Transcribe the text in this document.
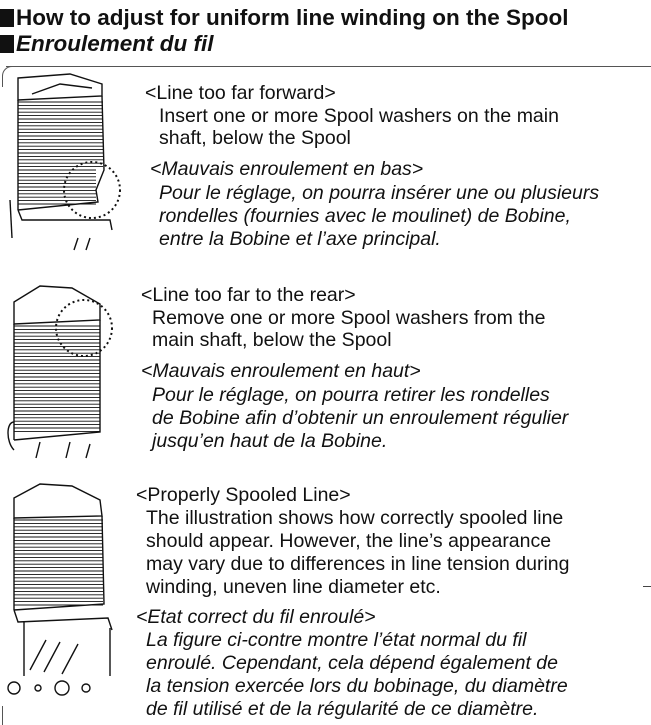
How to adjust for uniform line winding on the Spool
Enroulement du fil
<Line too far forward>
Insert one or more Spool washers on the main
shaft, below the Spool
<Mauvais enroulement en bas>
Pour le réglage, on pourra insérer une ou plusieurs
rondelles (fournies avec le moulinet) de Bobine,
entre la Bobine et l’axe principal.
<Line too far to the rear>
Remove one or more Spool washers from the
main shaft, below the Spool
<Mauvais enroulement en haut>
Pour le réglage, on pourra retirer les rondelles
de Bobine afin d’obtenir un enroulement régulier
jusqu’en haut de la Bobine.
<Properly Spooled Line>
The illustration shows how correctly spooled line
should appear. However, the line’s appearance
may vary due to differences in line tension during
winding, uneven line diameter etc.
<Etat correct du fil enroulé>
La figure ci-contre montre l’état normal du fil
enroulé. Cependant, cela dépend également de
la tension exercée lors du bobinage, du diamètre
de fil utilisé et de la régularité de ce diamètre.
